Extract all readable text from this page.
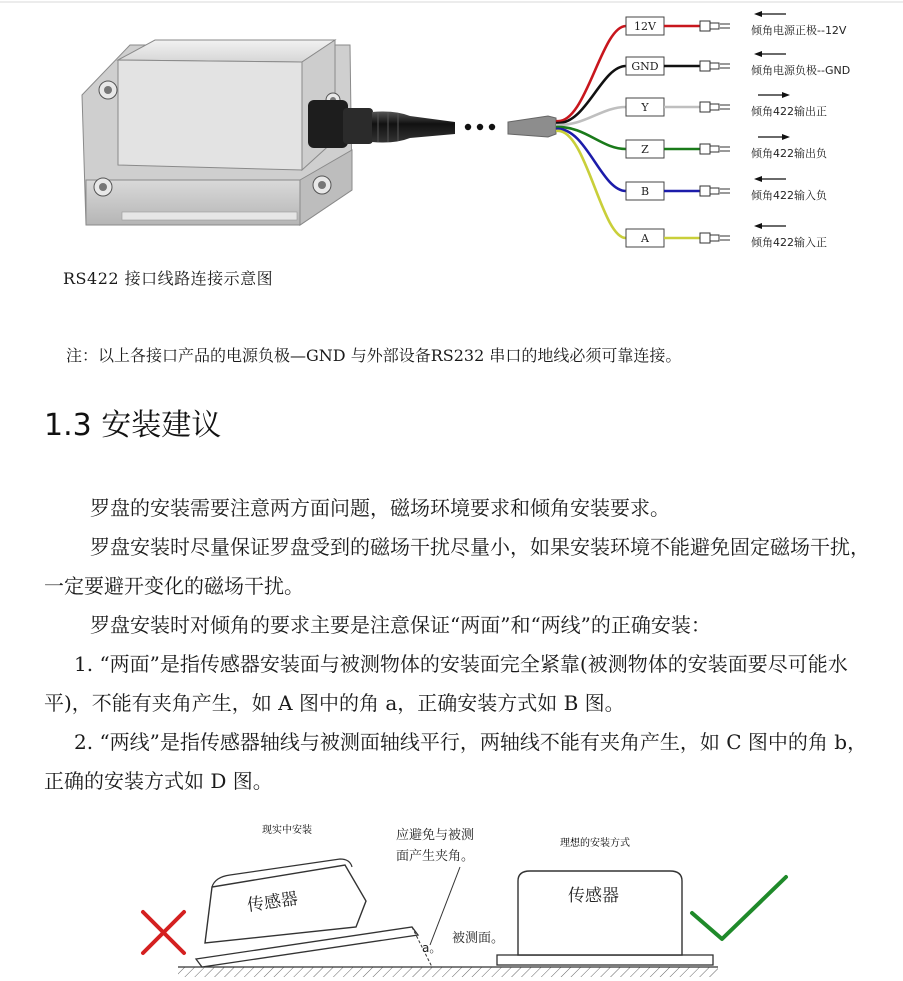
12V	倾角电源正极--12V
GND	倾角电源负极--GND
Y	倾角422输出正
Z	倾角422输出负
B	倾角422输入负
A	倾角422输入正
RS422 接口线路连接示意图
注：以上各接口产品的电源负极—GND 与外部设备RS232 串口的地线必须可靠连接。
1.3 安装建议
罗盘的安装需要注意两方面问题，磁场环境要求和倾角安装要求。
罗盘安装时尽量保证罗盘受到的磁场干扰尽量小，如果安装环境不能避免固定磁场干扰，一定要避开变化的磁场干扰。
罗盘安装时对倾角的要求主要是注意保证“两面”和“两线”的正确安装：
1. “两面”是指传感器安装面与被测物体的安装面完全紧靠(被测物体的安装面要尽可能水平)，不能有夹角产生，如 A 图中的角 a，正确安装方式如 B 图。
2. “两线”是指传感器轴线与被测面轴线平行，两轴线不能有夹角产生，如 C 图中的角 b，正确的安装方式如 D 图。
现实中安装
理想的安装方式
应避免与被测
面产生夹角。
传感器
a。
被测面。
传感器
